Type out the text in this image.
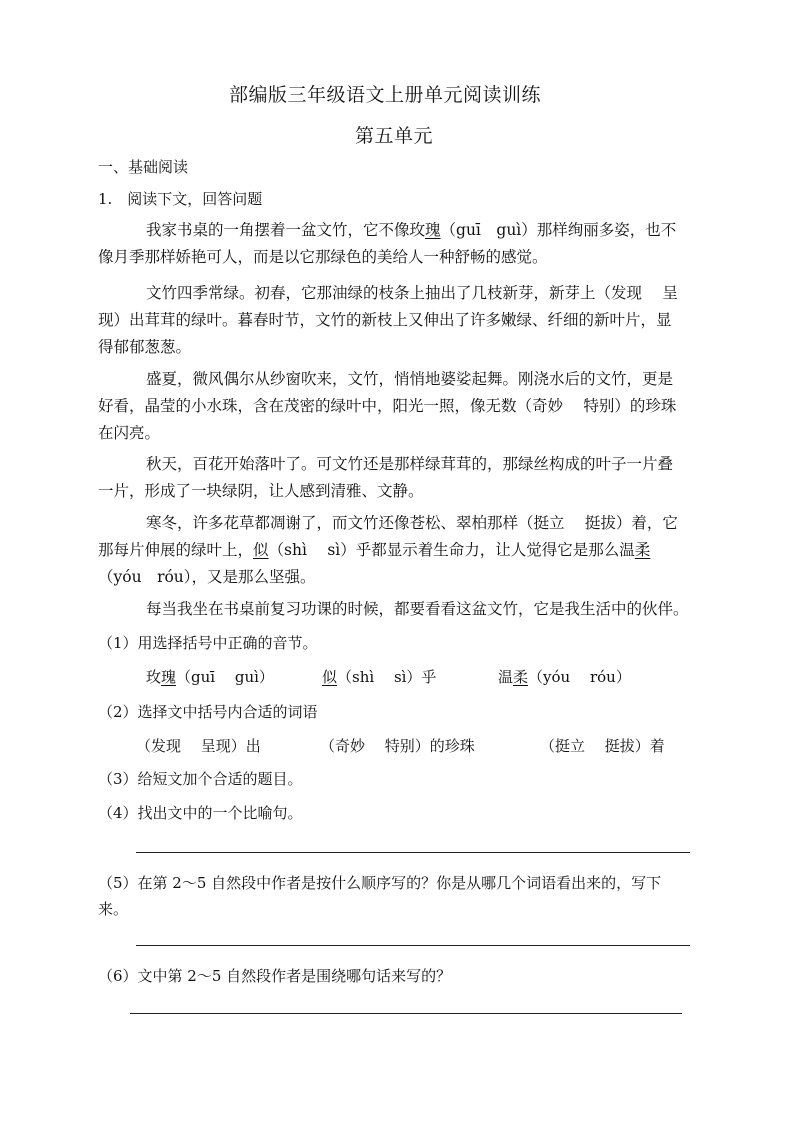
部编版三年级语文上册单元阅读训练
第五单元
一、基础阅读
1.　阅读下文，回答问题
我家书桌的一角摆着一盆文竹，它不像玫瑰（guī　guì）那样绚丽多姿，也不
像月季那样娇艳可人，而是以它那绿色的美给人一种舒畅的感觉。
文竹四季常绿。初春，它那油绿的枝条上抽出了几枝新芽，新芽上（发现　 呈
现）出茸茸的绿叶。暮春时节，文竹的新枝上又伸出了许多嫩绿、纤细的新叶片，显
得郁郁葱葱。
盛夏，微风偶尔从纱窗吹来，文竹，悄悄地婆娑起舞。刚浇水后的文竹，更是
好看，晶莹的小水珠，含在茂密的绿叶中，阳光一照，像无数（奇妙　 特别）的珍珠
在闪亮。
秋天，百花开始落叶了。可文竹还是那样绿茸茸的，那绿丝构成的叶子一片叠
一片，形成了一块绿阴，让人感到清雅、文静。
寒冬，许多花草都凋谢了，而文竹还像苍松、翠柏那样（挺立　 挺拔）着，它
那每片伸展的绿叶上，似（shì　 sì）乎都显示着生命力，让人觉得它是那么温柔
（yóu　róu），又是那么坚强。
每当我坐在书桌前复习功课的时候，都要看看这盆文竹，它是我生活中的伙伴。
（1）用选择括号中正确的音节。
玫瑰（guī　 guì）	似（shì　 sì）乎	温柔（yóu　 róu）
（2）选择文中括号内合适的词语
（发现　 呈现）出	（奇妙　 特别）的珍珠	（挺立　 挺拔）着
（3）给短文加个合适的题目。
（4）找出文中的一个比喻句。
（5）在第 2～5 自然段中作者是按什么顺序写的？你是从哪几个词语看出来的，写下
来。
（6）文中第 2～5 自然段作者是围绕哪句话来写的？
